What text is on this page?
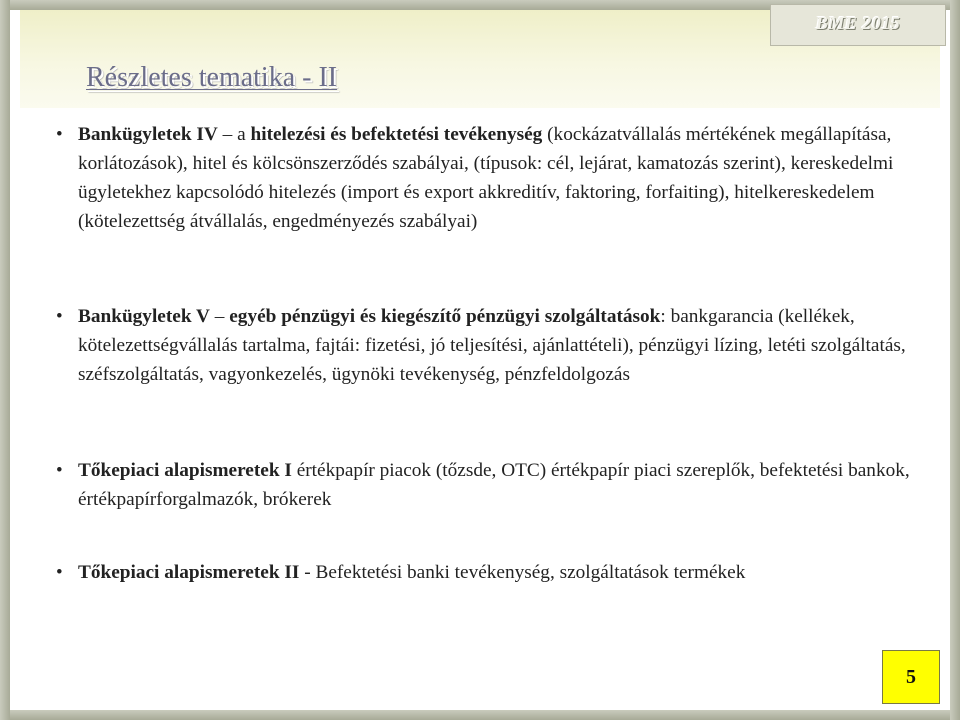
Részletes tematika - II
BME 2015
• Bankügyletek IV – a hitelezési és befektetési tevékenység (kockázatvállalás mértékének megállapítása, korlátozások), hitel és kölcsönszerződés szabályai, (típusok: cél, lejárat, kamatozás szerint), kereskedelmi ügyletekhez kapcsolódó hitelezés (import és export akkreditív, faktoring, forfaiting), hitelkereskedelem (kötelezettség átvállalás, engedményezés szabályai)
• Bankügyletek V – egyéb pénzügyi és kiegészítő pénzügyi szolgáltatások: bankgarancia (kellékek, kötelezettségvállalás tartalma, fajtái: fizetési, jó teljesítési, ajánlattételi), pénzügyi lízing, letéti szolgáltatás, széfszolgáltatás, vagyonkezelés, ügynöki tevékenység, pénzfeldolgozás
• Tőkepiaci alapismeretek I értékpapír piacok (tőzsde, OTC) értékpapír piaci szereplők, befektetési bankok, értékpapírforgalmazók, brókerek
• Tőkepiaci alapismeretek II - Befektetési banki tevékenység, szolgáltatások termékek
5
